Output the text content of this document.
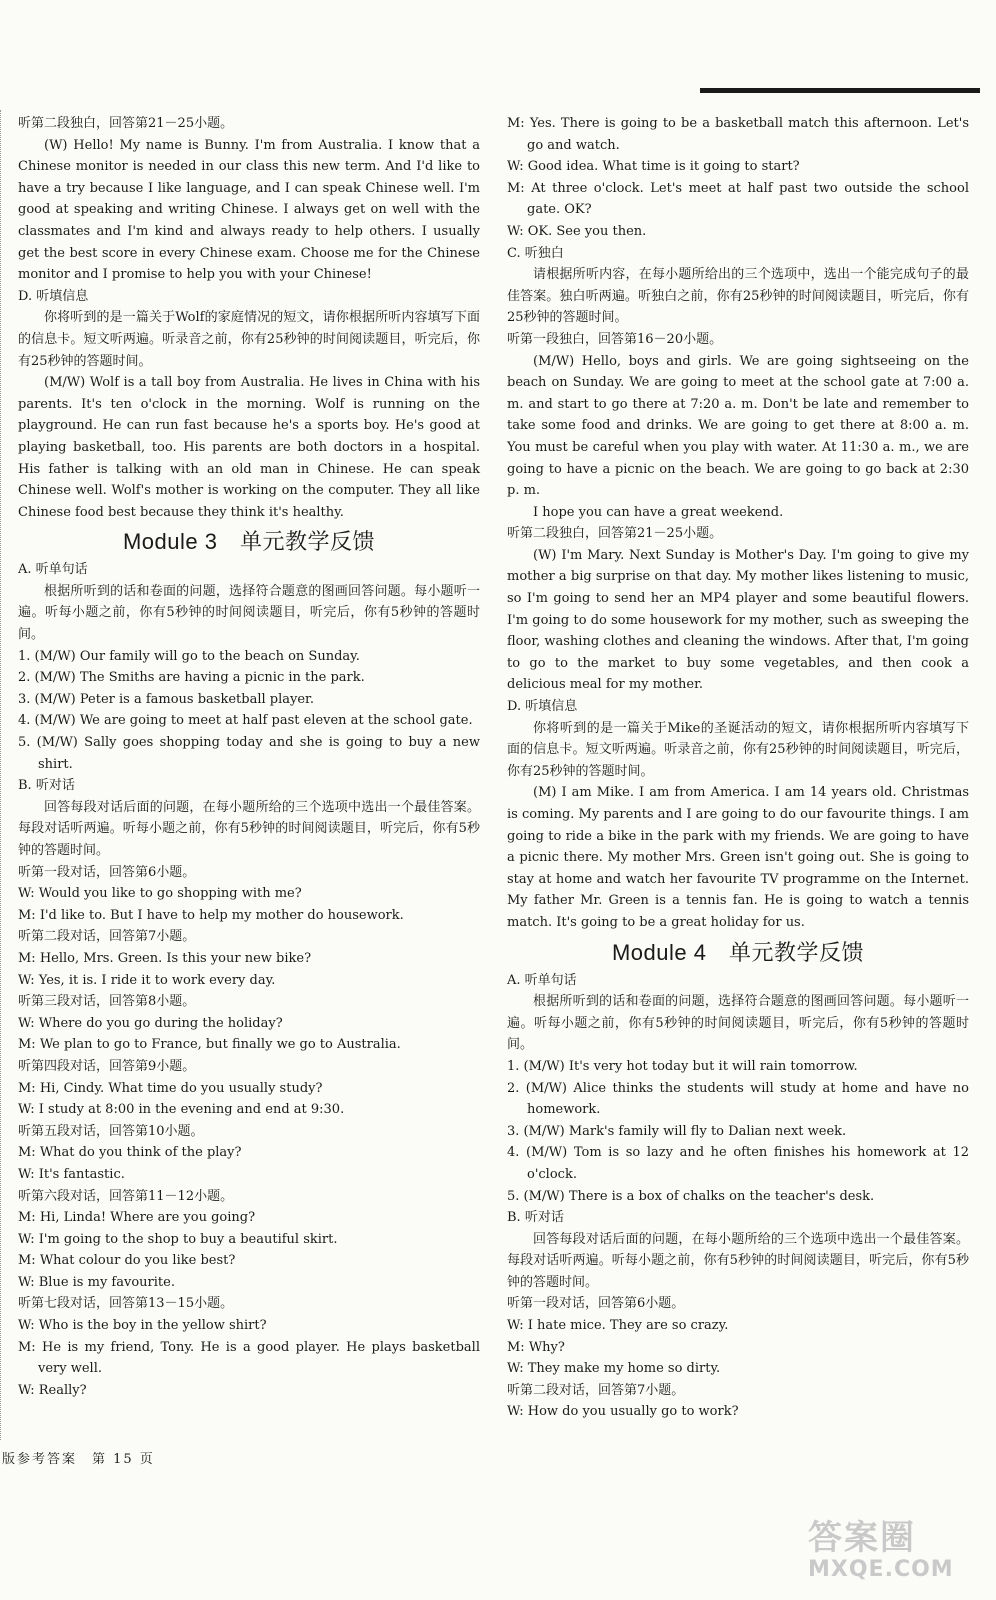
听第二段独白，回答第21－25小题。

(W) Hello! My name is Bunny. I'm from Australia. I know that a Chinese monitor is needed in our class this new term. And I'd like to have a try because I like language, and I can speak Chinese well. I'm good at speaking and writing Chinese. I always get on well with the classmates and I'm kind and always ready to help others. I usually get the best score in every Chinese exam. Choose me for the Chinese monitor and I promise to help you with your Chinese!

D. 听填信息

你将听到的是一篇关于Wolf的家庭情况的短文，请你根据所听内容填写下面的信息卡。短文听两遍。听录音之前，你有25秒钟的时间阅读题目，听完后，你有25秒钟的答题时间。

(M/W) Wolf is a tall boy from Australia. He lives in China with his parents. It's ten o'clock in the morning. Wolf is running on the playground. He can run fast because he's a sports boy. He's good at playing basketball, too. His parents are both doctors in a hospital. His father is talking with an old man in Chinese. He can speak Chinese well. Wolf's mother is working on the computer. They all like Chinese food best because they think it's healthy.

Module 3　单元教学反馈

A. 听单句话

根据所听到的话和卷面的问题，选择符合题意的图画回答问题。每小题听一遍。听每小题之前，你有5秒钟的时间阅读题目，听完后，你有5秒钟的答题时间。

1. (M/W) Our family will go to the beach on Sunday.

2. (M/W) The Smiths are having a picnic in the park.

3. (M/W) Peter is a famous basketball player.

4. (M/W) We are going to meet at half past eleven at the school gate.

5. (M/W) Sally goes shopping today and she is going to buy a new shirt.

B. 听对话

回答每段对话后面的问题，在每小题所给的三个选项中选出一个最佳答案。每段对话听两遍。听每小题之前，你有5秒钟的时间阅读题目，听完后，你有5秒钟的答题时间。

听第一段对话，回答第6小题。

W: Would you like to go shopping with me?

M: I'd like to. But I have to help my mother do housework.

听第二段对话，回答第7小题。

M: Hello, Mrs. Green. Is this your new bike?

W: Yes, it is. I ride it to work every day.

听第三段对话，回答第8小题。

W: Where do you go during the holiday?

M: We plan to go to France, but finally we go to Australia.

听第四段对话，回答第9小题。

M: Hi, Cindy. What time do you usually study?

W: I study at 8:00 in the evening and end at 9:30.

听第五段对话，回答第10小题。

M: What do you think of the play?

W: It's fantastic.

听第六段对话，回答第11－12小题。

M: Hi, Linda! Where are you going?

W: I'm going to the shop to buy a beautiful skirt.

M: What colour do you like best?

W: Blue is my favourite.

听第七段对话，回答第13－15小题。

W: Who is the boy in the yellow shirt?

M: He is my friend, Tony. He is a good player. He plays basketball very well.

W: Really?

M: Yes. There is going to be a basketball match this afternoon. Let's go and watch.

W: Good idea. What time is it going to start?

M: At three o'clock. Let's meet at half past two outside the school gate. OK?

W: OK. See you then.

C. 听独白

请根据所听内容，在每小题所给出的三个选项中，选出一个能完成句子的最佳答案。独白听两遍。听独白之前，你有25秒钟的时间阅读题目，听完后，你有25秒钟的答题时间。

听第一段独白，回答第16－20小题。

(M/W) Hello, boys and girls. We are going sightseeing on the beach on Sunday. We are going to meet at the school gate at 7:00 a. m. and start to go there at 7:20 a. m. Don't be late and remember to take some food and drinks. We are going to get there at 8:00 a. m. You must be careful when you play with water. At 11:30 a. m., we are going to have a picnic on the beach. We are going to go back at 2:30 p. m.

I hope you can have a great weekend.

听第二段独白，回答第21－25小题。

(W) I'm Mary. Next Sunday is Mother's Day. I'm going to give my mother a big surprise on that day. My mother likes listening to music, so I'm going to send her an MP4 player and some beautiful flowers. I'm going to do some housework for my mother, such as sweeping the floor, washing clothes and cleaning the windows. After that, I'm going to go to the market to buy some vegetables, and then cook a delicious meal for my mother.

D. 听填信息

你将听到的是一篇关于Mike的圣诞活动的短文，请你根据所听内容填写下面的信息卡。短文听两遍。听录音之前，你有25秒钟的时间阅读题目，听完后，你有25秒钟的答题时间。

(M) I am Mike. I am from America. I am 14 years old. Christmas is coming. My parents and I are going to do our favourite things. I am going to ride a bike in the park with my friends. We are going to have a picnic there. My mother Mrs. Green isn't going out. She is going to stay at home and watch her favourite TV programme on the Internet. My father Mr. Green is a tennis fan. He is going to watch a tennis match. It's going to be a great holiday for us.

Module 4　单元教学反馈

A. 听单句话

根据所听到的话和卷面的问题，选择符合题意的图画回答问题。每小题听一遍。听每小题之前，你有5秒钟的时间阅读题目，听完后，你有5秒钟的答题时间。

1. (M/W) It's very hot today but it will rain tomorrow.

2. (M/W) Alice thinks the students will study at home and have no homework.

3. (M/W) Mark's family will fly to Dalian next week.

4. (M/W) Tom is so lazy and he often finishes his homework at 12 o'clock.

5. (M/W) There is a box of chalks on the teacher's desk.

B. 听对话

回答每段对话后面的问题，在每小题所给的三个选项中选出一个最佳答案。每段对话听两遍。听每小题之前，你有5秒钟的时间阅读题目，听完后，你有5秒钟的答题时间。

听第一段对话，回答第6小题。

W: I hate mice. They are so crazy.

M: Why?

W: They make my home so dirty.

听第二段对话，回答第7小题。

W: How do you usually go to work?

版参考答案　第 15 页
答案圈
MXQE.COM
